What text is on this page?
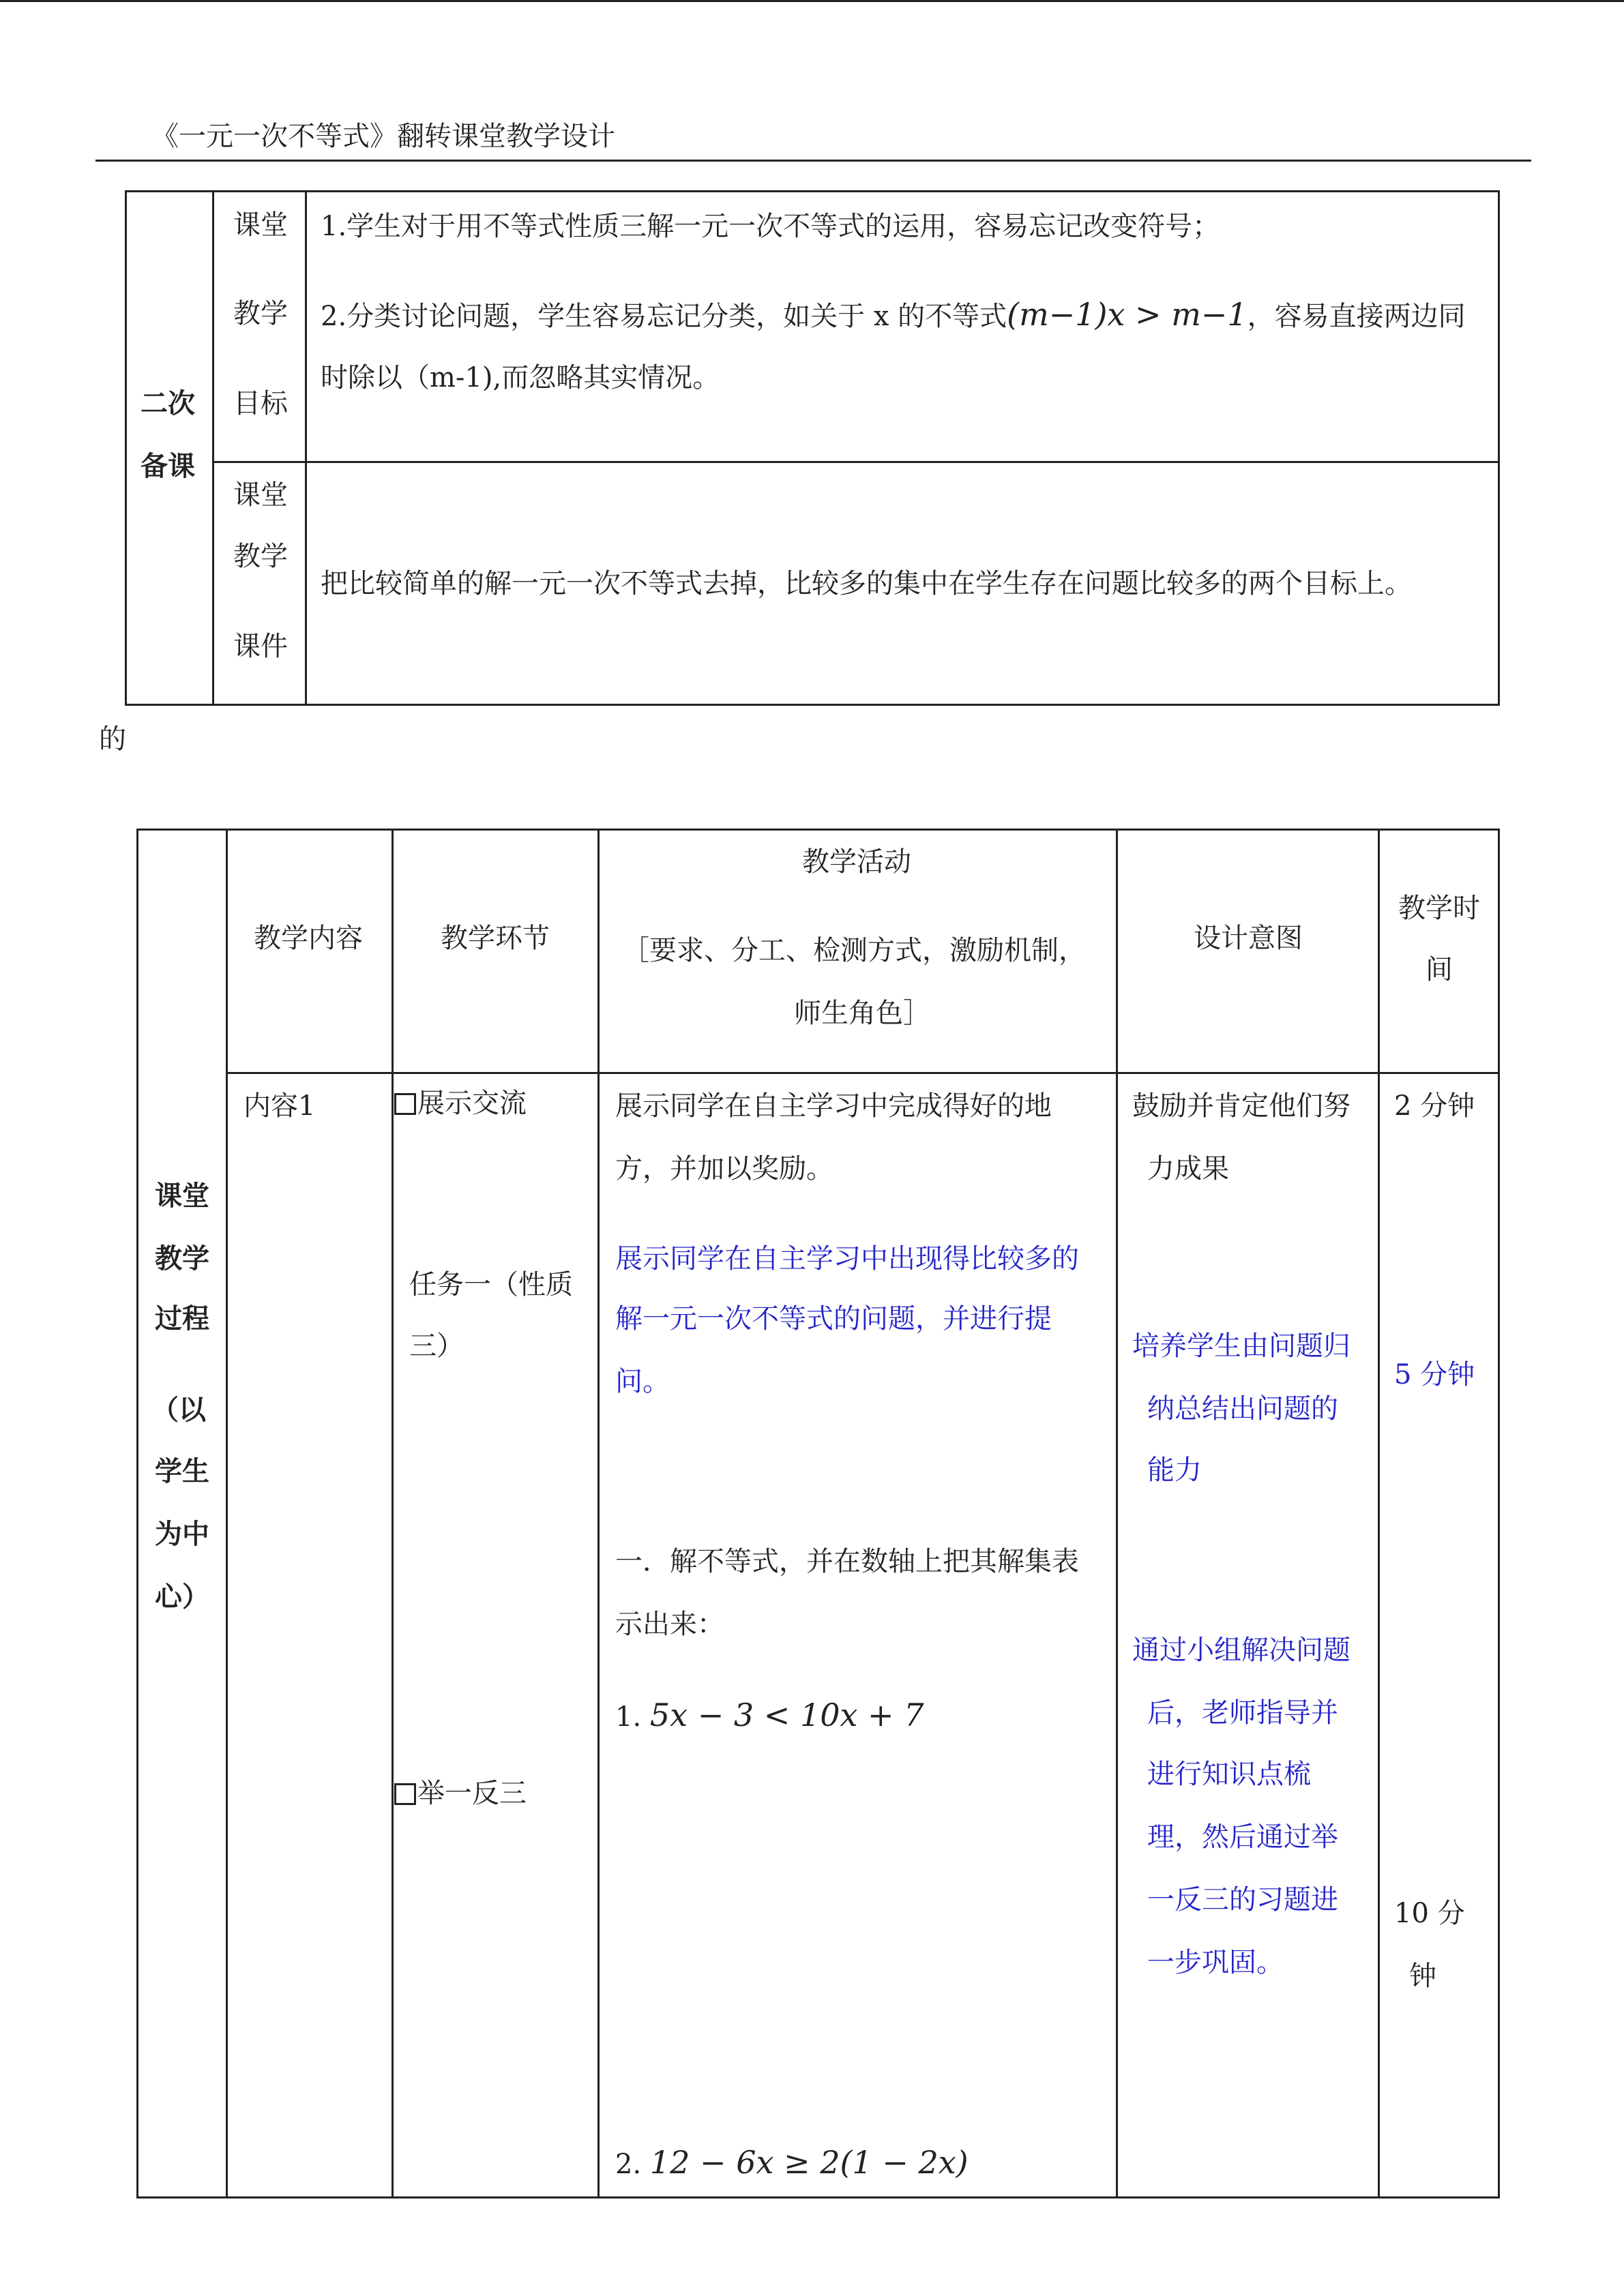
《一元一次不等式》翻转课堂教学设计
二次
备课
课堂
教学
目标
1.学生对于用不等式性质三解一元一次不等式的运用，容易忘记改变符号；
2.分类讨论问题，学生容易忘记分类，如关于 x 的不等式(m−1)x > m−1，容易直接两边同
时除以（m-1),而忽略其实情况。
课堂
教学
课件
把比较简单的解一元一次不等式去掉，比较多的集中在学生存在问题比较多的两个目标上。
的
课堂
教学
过程
（以
学生
为中
心）
教学内容	教学环节
教学活动
［要求、分工、检测方式，激励机制，
师生角色］
设计意图
教学时
间
内容1	展示交流
任务一（性质
三）
举一反三
展示同学在自主学习中完成得好的地
方，并加以奖励。
展示同学在自主学习中出现得比较多的
解一元一次不等式的问题，并进行提
问。
一．解不等式，并在数轴上把其解集表
示出来：
1. 5x − 3 < 10x + 7
2. 12 − 6x ≥ 2(1 − 2x)
鼓励并肯定他们努
力成果
培养学生由问题归
纳总结出问题的
能力
通过小组解决问题
后，老师指导并
进行知识点梳
理，然后通过举
一反三的习题进
一步巩固。
2 分钟
5 分钟
10 分
钟
